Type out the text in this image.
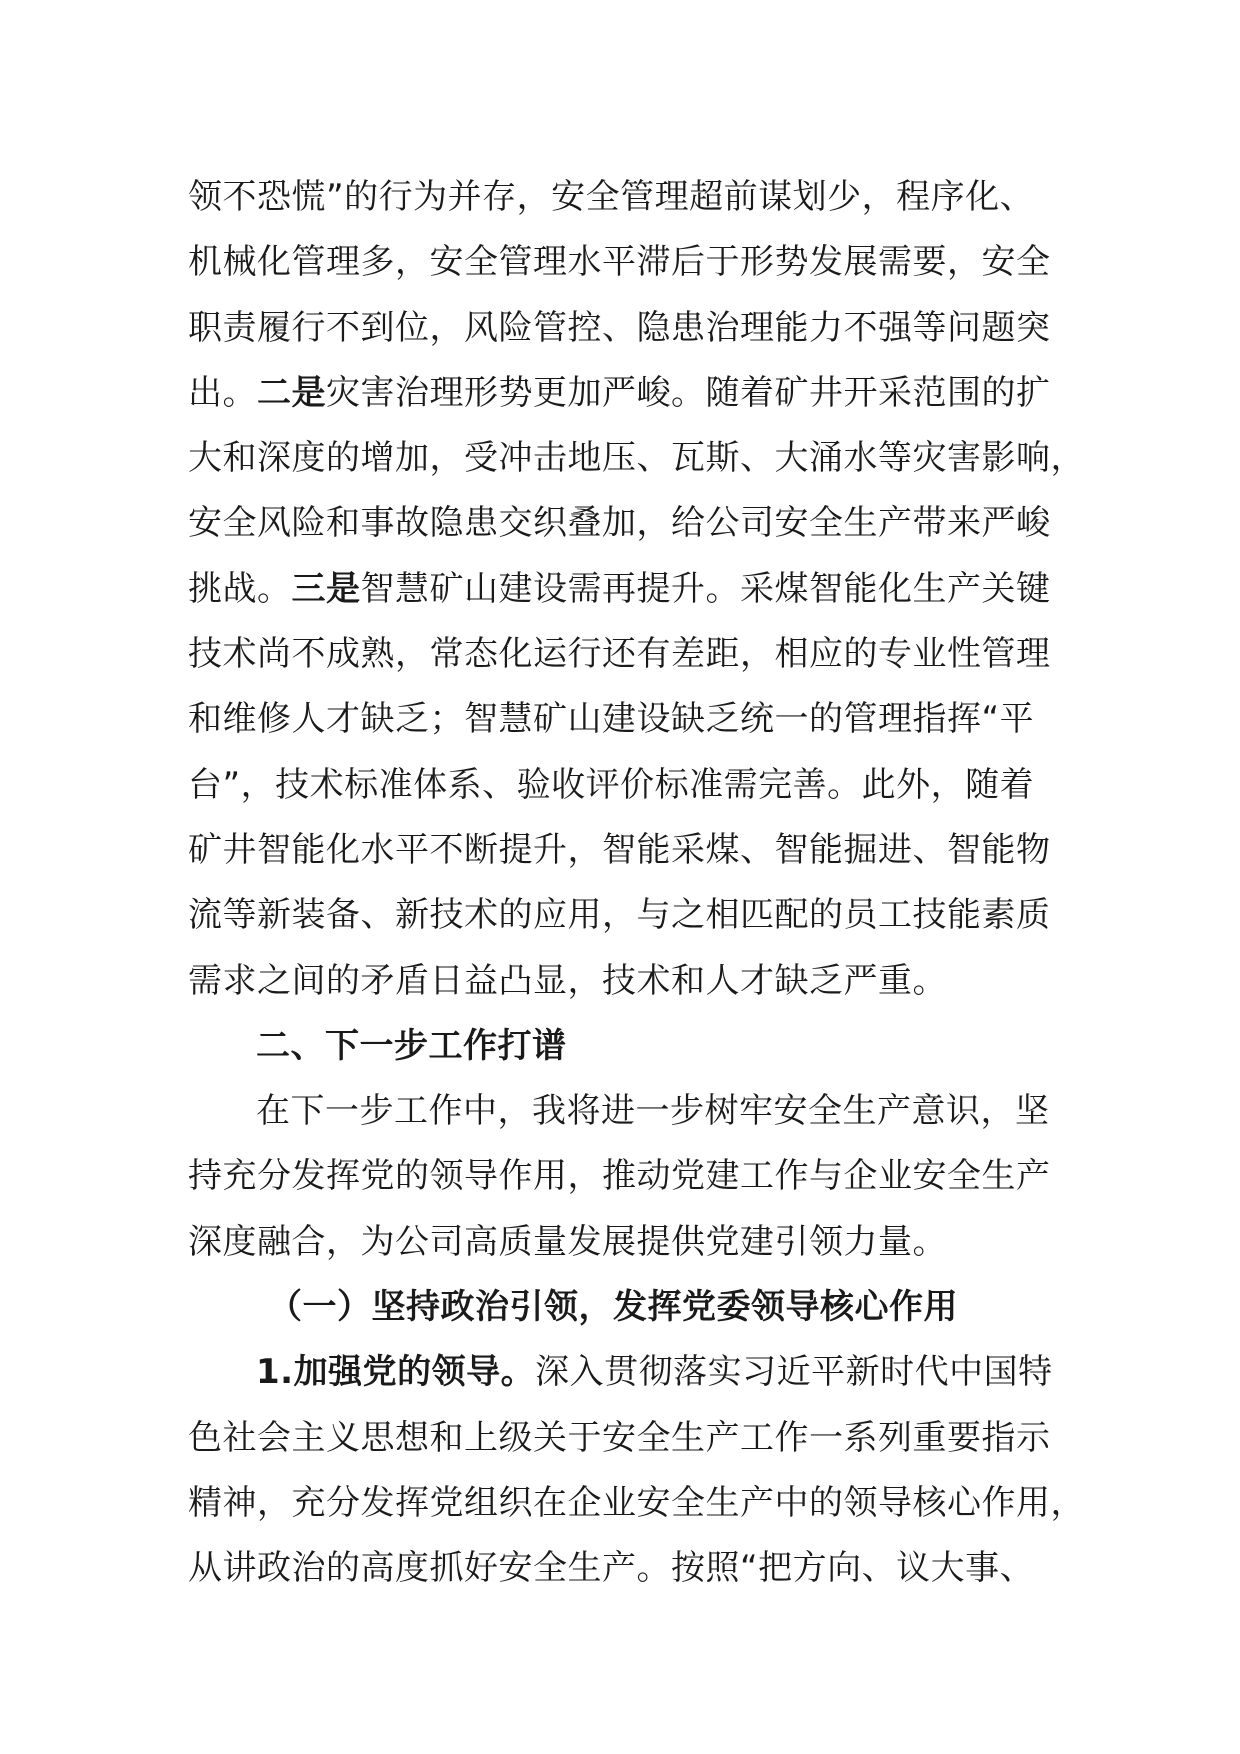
领不恐慌”的行为并存，安全管理超前谋划少，程序化、
机械化管理多，安全管理水平滞后于形势发展需要，安全
职责履行不到位，风险管控、隐患治理能力不强等问题突
出。二是灾害治理形势更加严峻。随着矿井开采范围的扩
大和深度的增加，受冲击地压、瓦斯、大涌水等灾害影响，
安全风险和事故隐患交织叠加，给公司安全生产带来严峻
挑战。三是智慧矿山建设需再提升。采煤智能化生产关键
技术尚不成熟，常态化运行还有差距，相应的专业性管理
和维修人才缺乏；智慧矿山建设缺乏统一的管理指挥“平
台”，技术标准体系、验收评价标准需完善。此外，随着
矿井智能化水平不断提升，智能采煤、智能掘进、智能物
流等新装备、新技术的应用，与之相匹配的员工技能素质
需求之间的矛盾日益凸显，技术和人才缺乏严重。
二、下一步工作打谱
在下一步工作中，我将进一步树牢安全生产意识，坚
持充分发挥党的领导作用，推动党建工作与企业安全生产
深度融合，为公司高质量发展提供党建引领力量。
（一）坚持政治引领，发挥党委领导核心作用
1.加强党的领导。深入贯彻落实习近平新时代中国特
色社会主义思想和上级关于安全生产工作一系列重要指示
精神，充分发挥党组织在企业安全生产中的领导核心作用，
从讲政治的高度抓好安全生产。按照“把方向、议大事、
